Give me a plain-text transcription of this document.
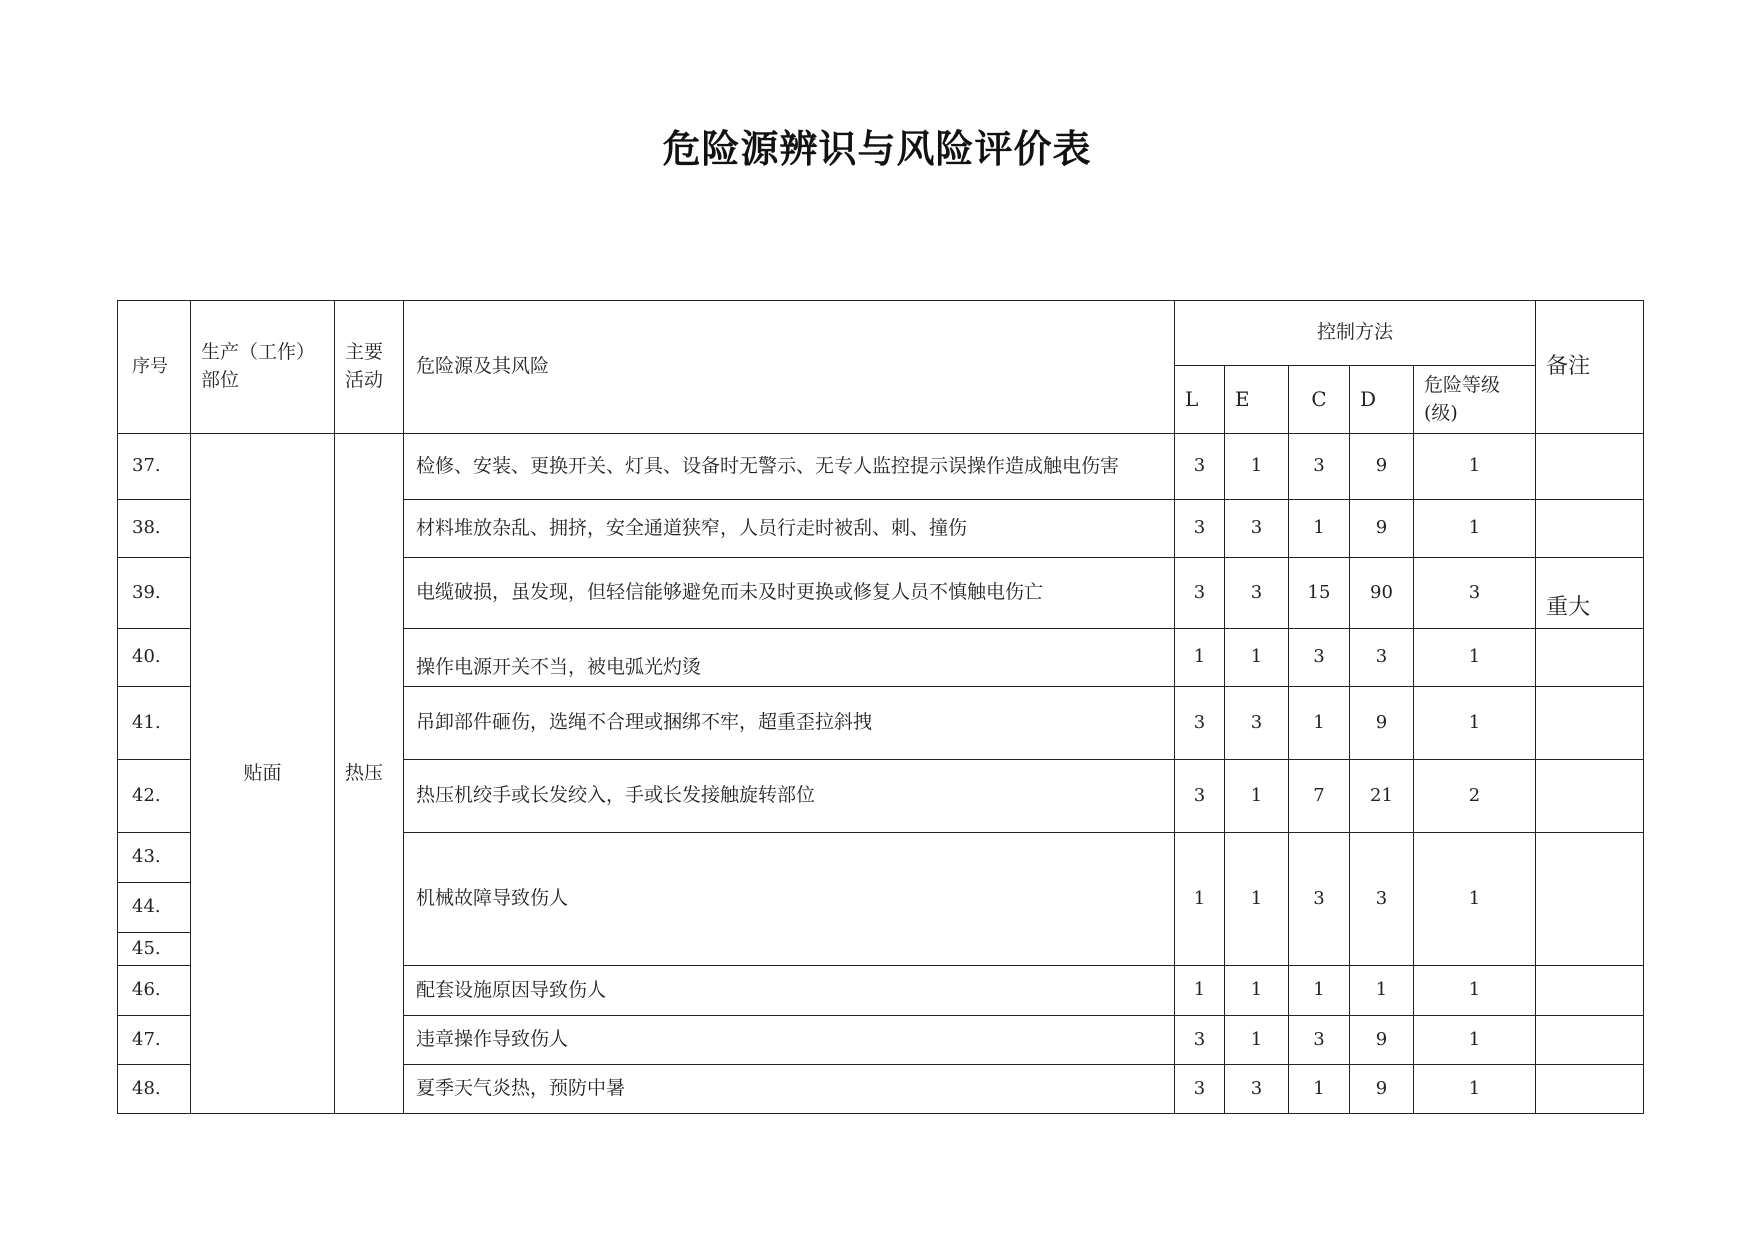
危险源辨识与风险评价表
序号	生产（工作）部位	主要活动	危险源及其风险	控制方法					备注
				L	E	C	D	危险等级(级)	
37.	贴面	热压	检修、安装、更换开关、灯具、设备时无警示、无专人监控提示误操作造成触电伤害	3	1	3	9	1	
38.			材料堆放杂乱、拥挤，安全通道狭窄，人员行走时被刮、刺、撞伤	3	3	1	9	1	
39.			电缆破损，虽发现，但轻信能够避免而未及时更换或修复人员不慎触电伤亡	3	3	15	90	3	重大
40.			操作电源开关不当，被电弧光灼烫	1	1	3	3	1	
41.			吊卸部件砸伤，选绳不合理或捆绑不牢，超重歪拉斜拽	3	3	1	9	1	
42.			热压机绞手或长发绞入，手或长发接触旋转部位	3	1	7	21	2	
43.			机械故障导致伤人	1	1	3	3	1	
44.									
45.									
46.			配套设施原因导致伤人	1	1	1	1	1	
47.			违章操作导致伤人	3	1	3	9	1	
48.			夏季天气炎热，预防中暑	3	3	1	9	1	
